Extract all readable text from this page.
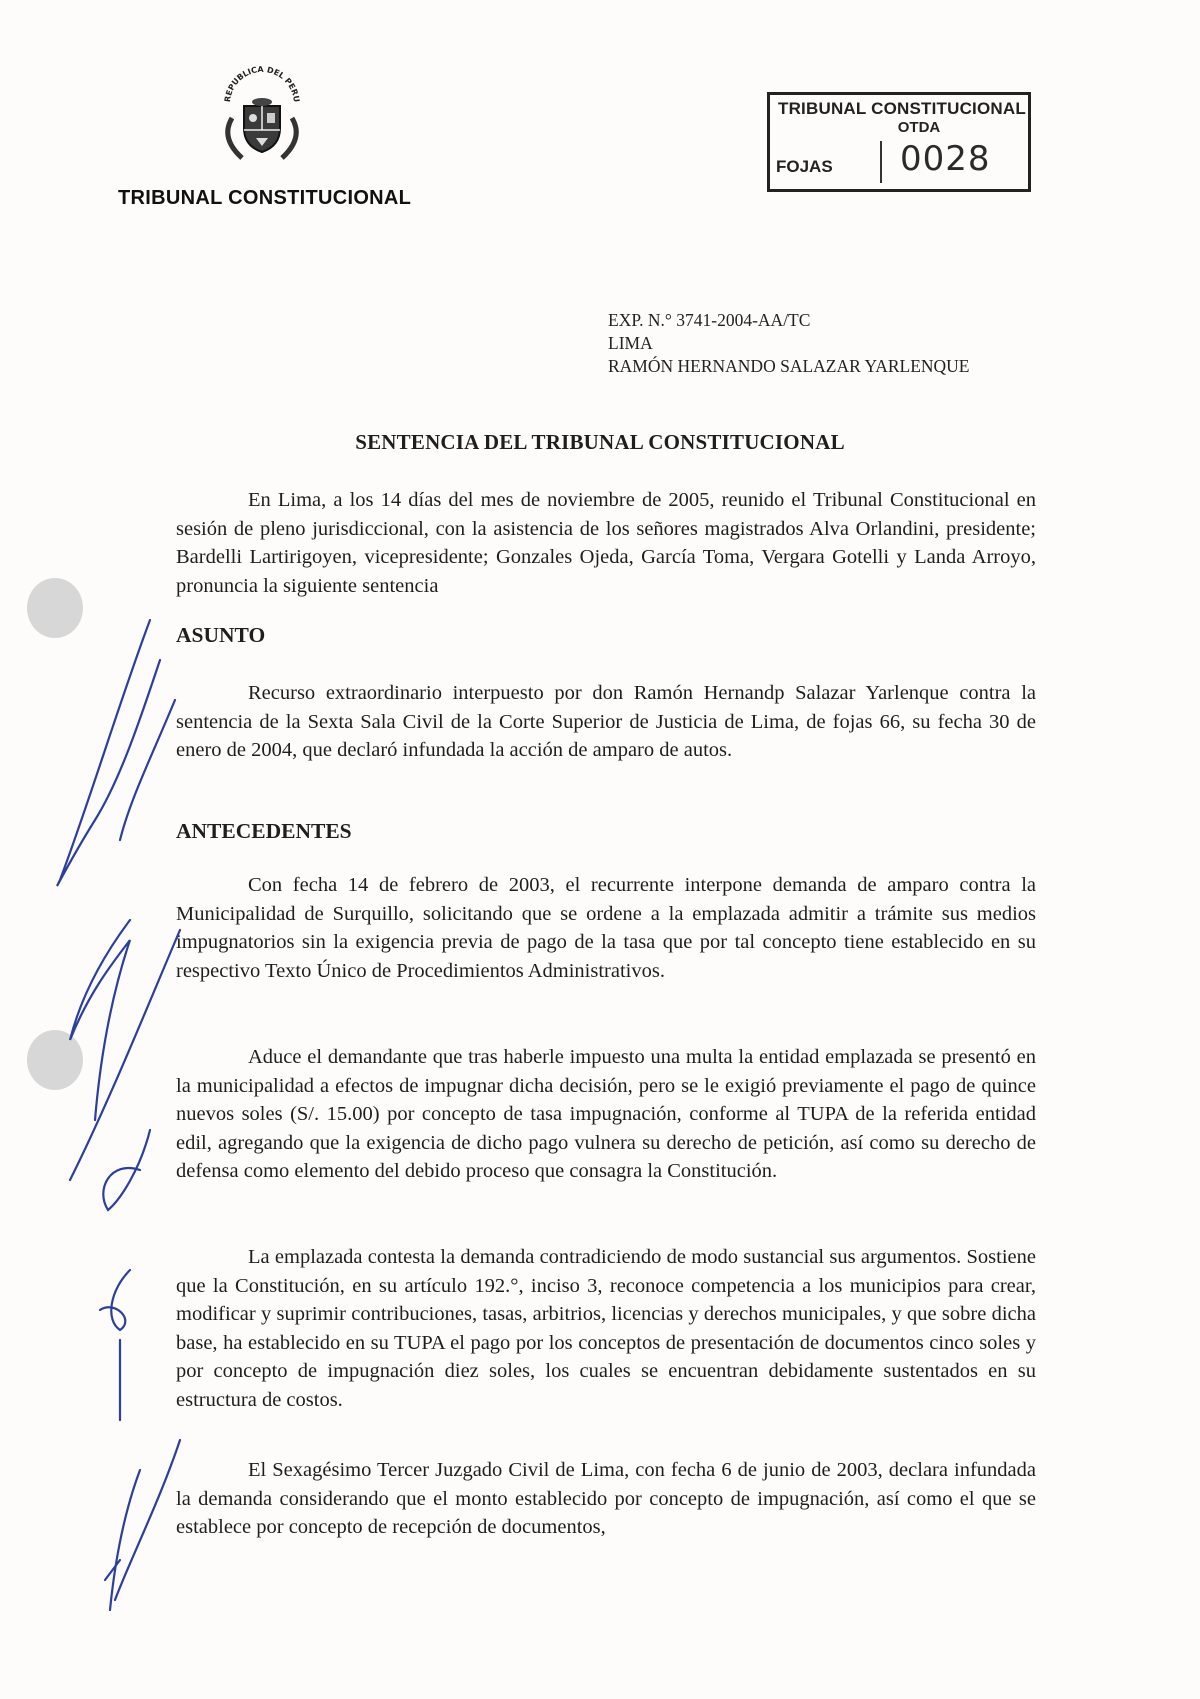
REPUBLICA DEL PERU
TRIBUNAL CONSTITUCIONAL
TRIBUNAL CONSTITUCIONAL
OTDA
FOJAS 0028
EXP. N.° 3741-2004-AA/TC
LIMA
RAMÓN HERNANDO SALAZAR YARLENQUE
SENTENCIA DEL TRIBUNAL CONSTITUCIONAL

En Lima, a los 14 días del mes de noviembre de 2005, reunido el Tribunal Constitucional en sesión de pleno jurisdiccional, con la asistencia de los señores magistrados Alva Orlandini, presidente; Bardelli Lartirigoyen, vicepresidente; Gonzales Ojeda, García Toma, Vergara Gotelli y Landa Arroyo, pronuncia la siguiente sentencia

ASUNTO

Recurso extraordinario interpuesto por don Ramón Hernandp Salazar Yarlenque contra la sentencia de la Sexta Sala Civil de la Corte Superior de Justicia de Lima, de fojas 66, su fecha 30 de enero de 2004, que declaró infundada la acción de amparo de autos.

ANTECEDENTES

Con fecha 14 de febrero de 2003, el recurrente interpone demanda de amparo contra la Municipalidad de Surquillo, solicitando que se ordene a la emplazada admitir a trámite sus medios impugnatorios sin la exigencia previa de pago de la tasa que por tal concepto tiene establecido en su respectivo Texto Único de Procedimientos Administrativos.

Aduce el demandante que tras haberle impuesto una multa la entidad emplazada se presentó en la municipalidad a efectos de impugnar dicha decisión, pero se le exigió previamente el pago de quince nuevos soles (S/. 15.00) por concepto de tasa impugnación, conforme al TUPA de la referida entidad edil, agregando que la exigencia de dicho pago vulnera su derecho de petición, así como su derecho de defensa como elemento del debido proceso que consagra la Constitución.

La emplazada contesta la demanda contradiciendo de modo sustancial sus argumentos. Sostiene que la Constitución, en su artículo 192.°, inciso 3, reconoce competencia a los municipios para crear, modificar y suprimir contribuciones, tasas, arbitrios, licencias y derechos municipales, y que sobre dicha base, ha establecido en su TUPA el pago por los conceptos de presentación de documentos cinco soles y por concepto de impugnación diez soles, los cuales se encuentran debidamente sustentados en su estructura de costos.

El Sexagésimo Tercer Juzgado Civil de Lima, con fecha 6 de junio de 2003, declara infundada la demanda considerando que el monto establecido por concepto de impugnación, así como el que se establece por concepto de recepción de documentos,
